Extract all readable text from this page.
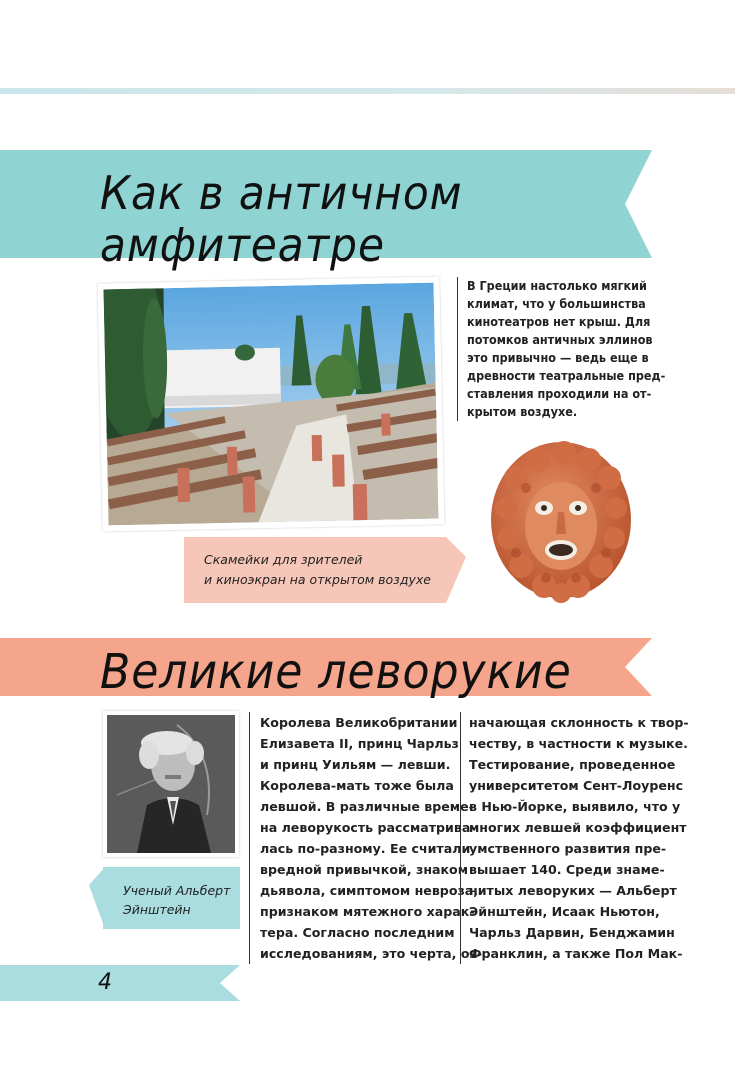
Как в античном
амфитеатре
Скамейки для зрителей
и киноэкран на открытом воздухе
В Греции настолько мягкий климат, что у большинства кинотеатров нет крыш. Для потомков античных эллинов это привычно — ведь еще в древности театральные пред- ставления проходили на от- крытом воздухе.
Великие леворукие
Ученый Альберт
Эйнштейн
Королева Великобритании
Елизавета II, принц Чарльз
и принц Уильям — левши.
Королева-мать тоже была
левшой. В различные време-
на леворукость рассматрива-
лась по-разному. Ее считали
вредной привычкой, знаком
дьявола, симптомом невроза,
признаком мятежного харак-
тера. Согласно последним
исследованиям, это черта, оз-
начающая склонность к твор-
честву, в частности к музыке.
Тестирование, проведенное
университетом Сент-Лоуренс
в Нью-Йорке, выявило, что у
многих левшей коэффициент
умственного развития пре-
вышает 140. Среди знаме-
нитых леворуких — Альберт
Эйнштейн, Исаак Ньютон,
Чарльз Дарвин, Бенджамин
Франклин, а также Пол Мак-
4
